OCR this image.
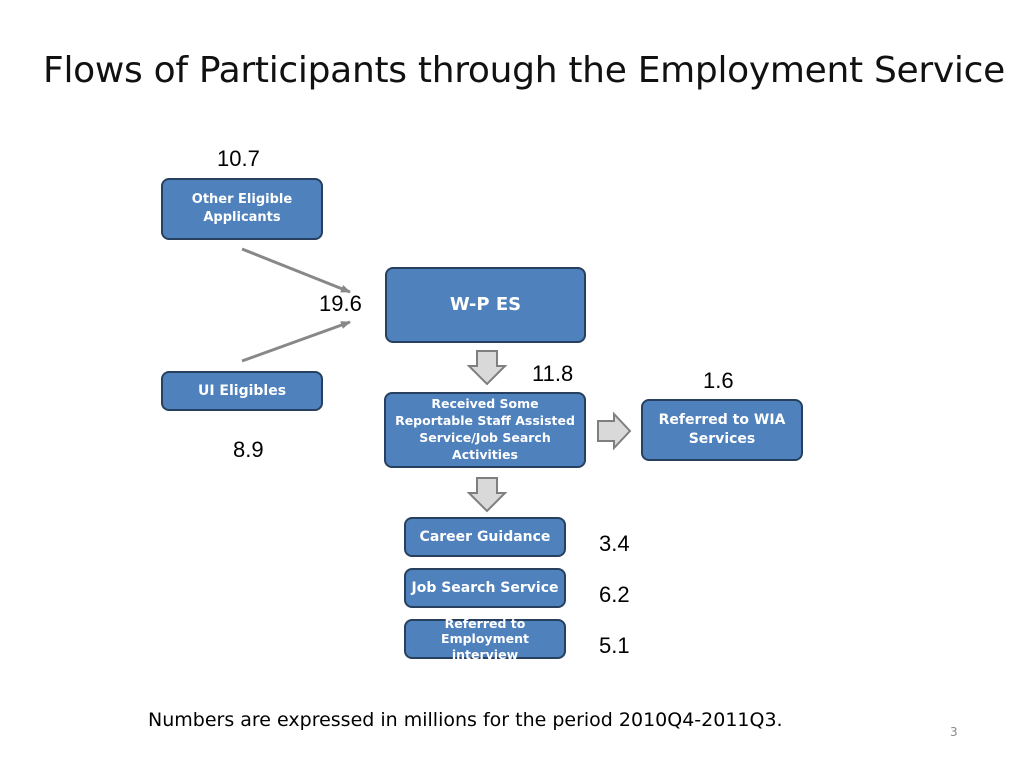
Flows of Participants through the Employment Service
10.7
19.6
8.9
11.8	1.6
3.4
6.2
5.1
Other Eligible Applicants
UI Eligibles
W-P ES
Received Some Reportable Staff Assisted Service/Job Search Activities
Referred to WIA Services
Career Guidance
Job Search Service
Referred to Employment interview
Numbers are expressed in millions for the period 2010Q4-2011Q3.
3
